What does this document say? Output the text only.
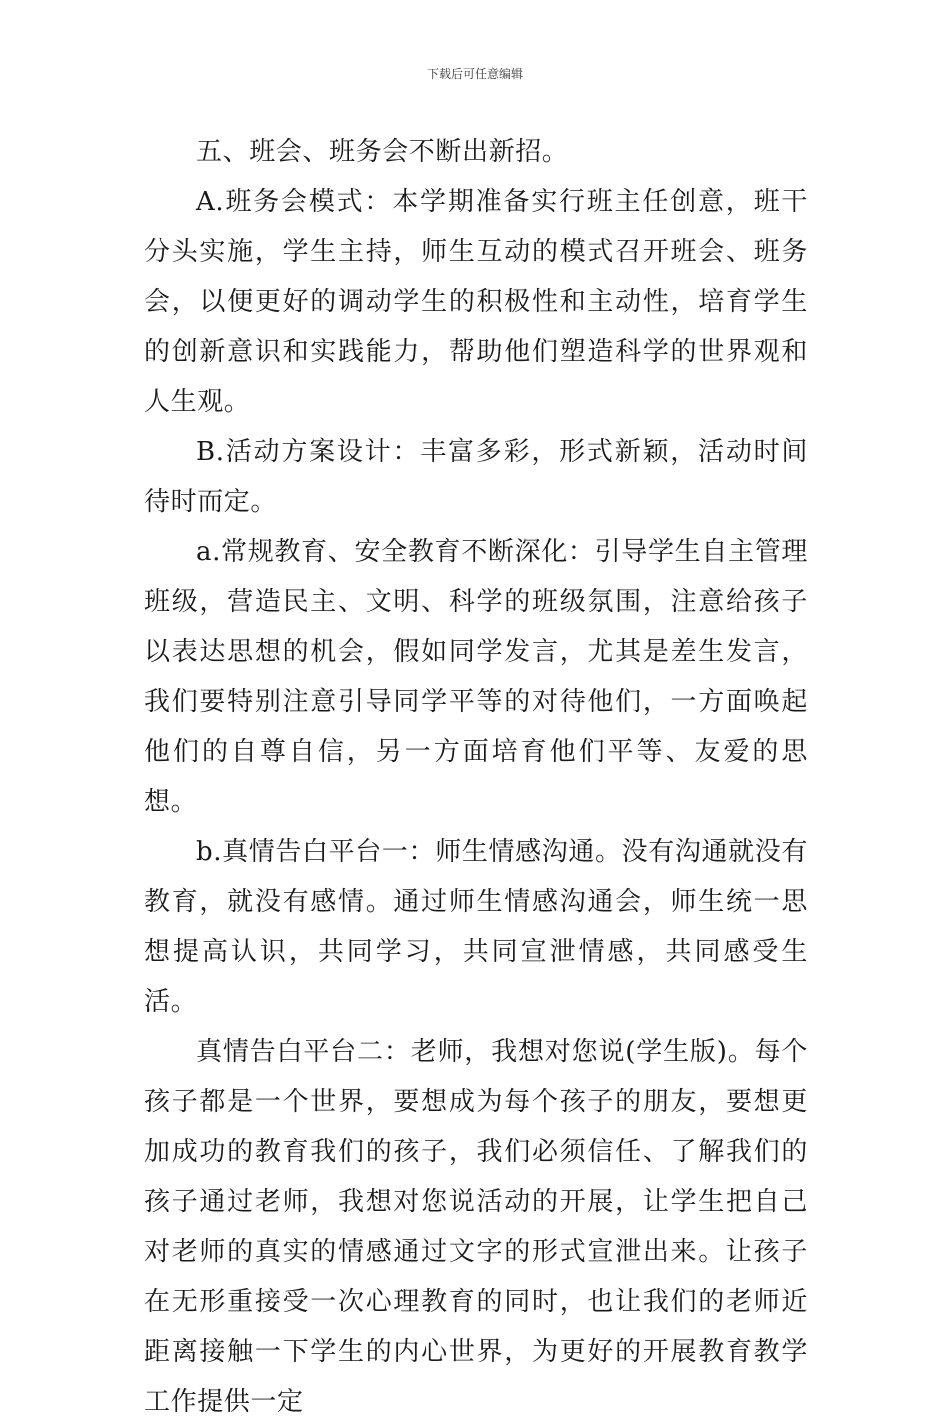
下载后可任意编辑

五、班会、班务会不断出新招。

A.班务会模式：本学期准备实行班主任创意，班干分头实施，学生主持，师生互动的模式召开班会、班务会，以便更好的调动学生的积极性和主动性，培育学生的创新意识和实践能力，帮助他们塑造科学的世界观和人生观。

B.活动方案设计：丰富多彩，形式新颖，活动时间待时而定。

a.常规教育、安全教育不断深化：引导学生自主管理班级，营造民主、文明、科学的班级氛围，注意给孩子以表达思想的机会，假如同学发言，尤其是差生发言，我们要特别注意引导同学平等的对待他们，一方面唤起他们的自尊自信，另一方面培育他们平等、友爱的思想。

b.真情告白平台一：师生情感沟通。没有沟通就没有教育，就没有感情。通过师生情感沟通会，师生统一思想提高认识，共同学习，共同宣泄情感，共同感受生活。

真情告白平台二：老师，我想对您说(学生版)。每个孩子都是一个世界，要想成为每个孩子的朋友，要想更加成功的教育我们的孩子，我们必须信任、了解我们的孩子通过老师，我想对您说活动的开展，让学生把自己对老师的真实的情感通过文字的形式宣泄出来。让孩子在无形重接受一次心理教育的同时，也让我们的老师近距离接触一下学生的内心世界，为更好的开展教育教学工作提供一定
